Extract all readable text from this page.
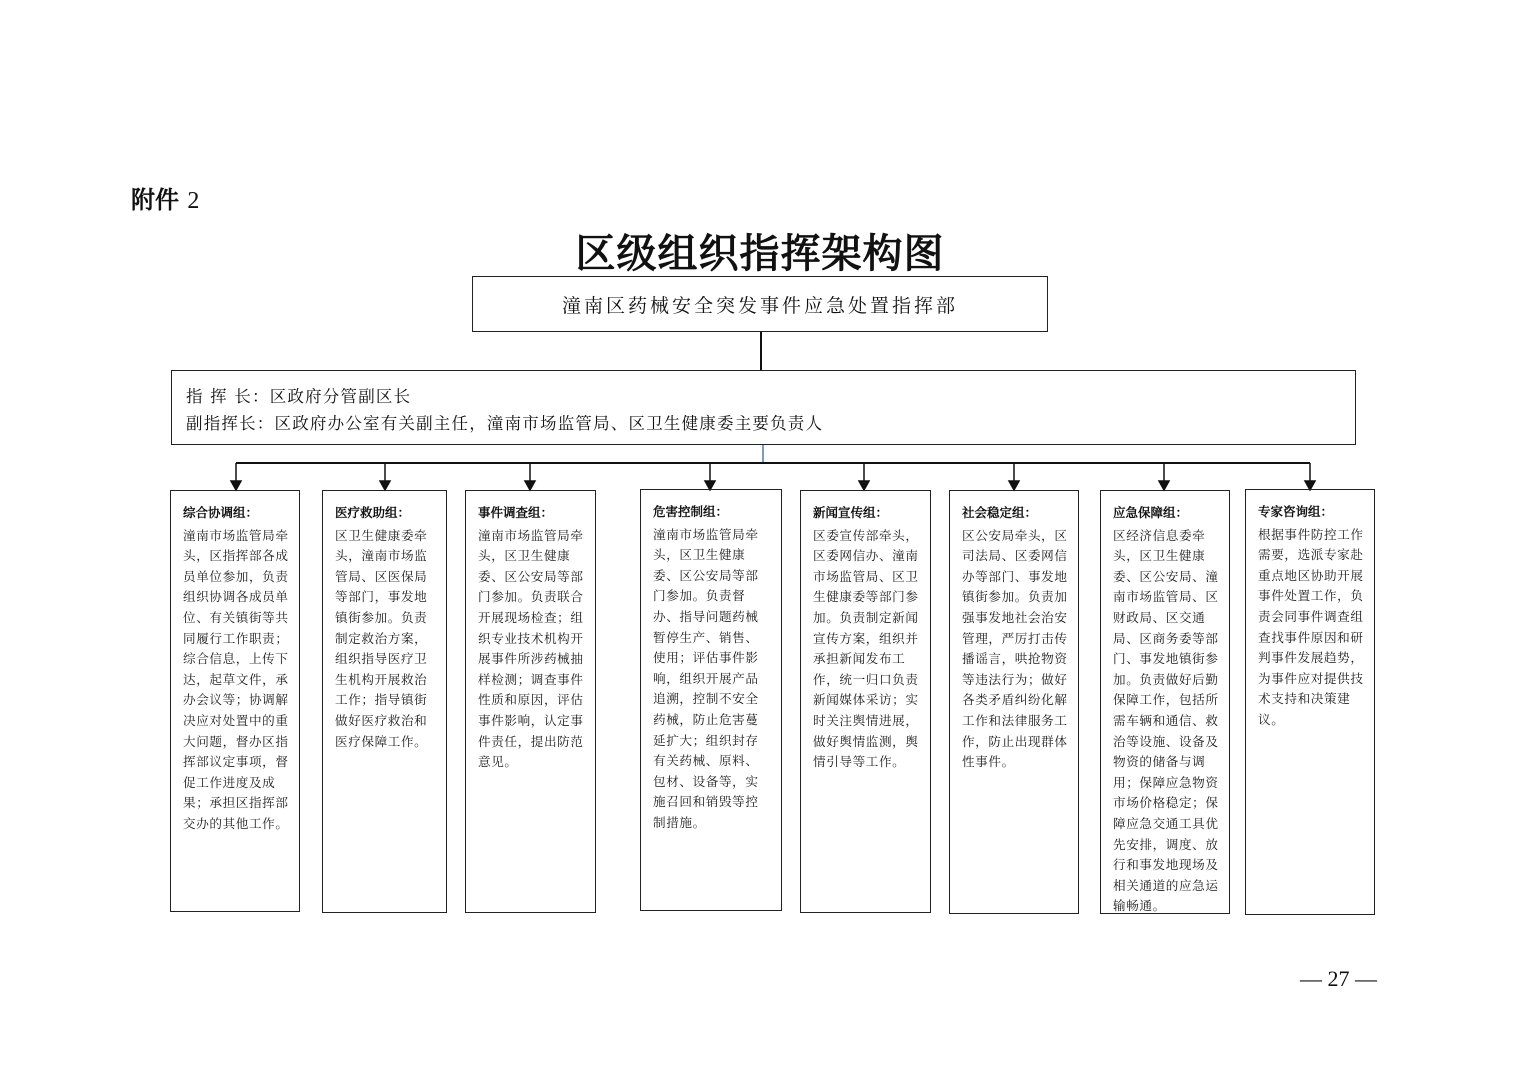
附件 2
区级组织指挥架构图
潼南区药械安全突发事件应急处置指挥部
指 挥 长：区政府分管副区长
副指挥长：区政府办公室有关副主任，潼南市场监管局、区卫生健康委主要负责人
综合协调组：
潼南市场监管局牵头，区指挥部各成员单位参加，负责组织协调各成员单位、有关镇街等共同履行工作职责；综合信息，上传下达，起草文件，承办会议等；协调解决应对处置中的重大问题，督办区指挥部议定事项，督促工作进度及成果；承担区指挥部交办的其他工作。
医疗救助组：
区卫生健康委牵头，潼南市场监管局、区医保局等部门，事发地镇街参加。负责制定救治方案，组织指导医疗卫生机构开展救治工作；指导镇街做好医疗救治和医疗保障工作。
事件调查组：
潼南市场监管局牵头，区卫生健康委、区公安局等部门参加。负责联合开展现场检查；组织专业技术机构开展事件所涉药械抽样检测；调查事件性质和原因，评估事件影响，认定事件责任，提出防范意见。
危害控制组：
潼南市场监管局牵头，区卫生健康委、区公安局等部门参加。负责督办、指导问题药械暂停生产、销售、使用；评估事件影响，组织开展产品追溯，控制不安全药械，防止危害蔓延扩大；组织封存有关药械、原料、包材、设备等，实施召回和销毁等控制措施。
新闻宣传组：
区委宣传部牵头，区委网信办、潼南市场监管局、区卫生健康委等部门参加。负责制定新闻宣传方案，组织并承担新闻发布工作，统一归口负责新闻媒体采访；实时关注舆情进展，做好舆情监测，舆情引导等工作。
社会稳定组：
区公安局牵头，区司法局、区委网信办等部门、事发地镇街参加。负责加强事发地社会治安管理，严厉打击传播谣言，哄抢物资等违法行为；做好各类矛盾纠纷化解工作和法律服务工作，防止出现群体性事件。
应急保障组：
区经济信息委牵头，区卫生健康委、区公安局、潼南市场监管局、区财政局、区交通局、区商务委等部门、事发地镇街参加。负责做好后勤保障工作，包括所需车辆和通信、救治等设施、设备及物资的储备与调用；保障应急物资市场价格稳定；保障应急交通工具优先安排，调度、放行和事发地现场及相关通道的应急运输畅通。
专家咨询组：
根据事件防控工作需要，选派专家赴重点地区协助开展事件处置工作，负责会同事件调查组查找事件原因和研判事件发展趋势，为事件应对提供技术支持和决策建议。
— 27 —
